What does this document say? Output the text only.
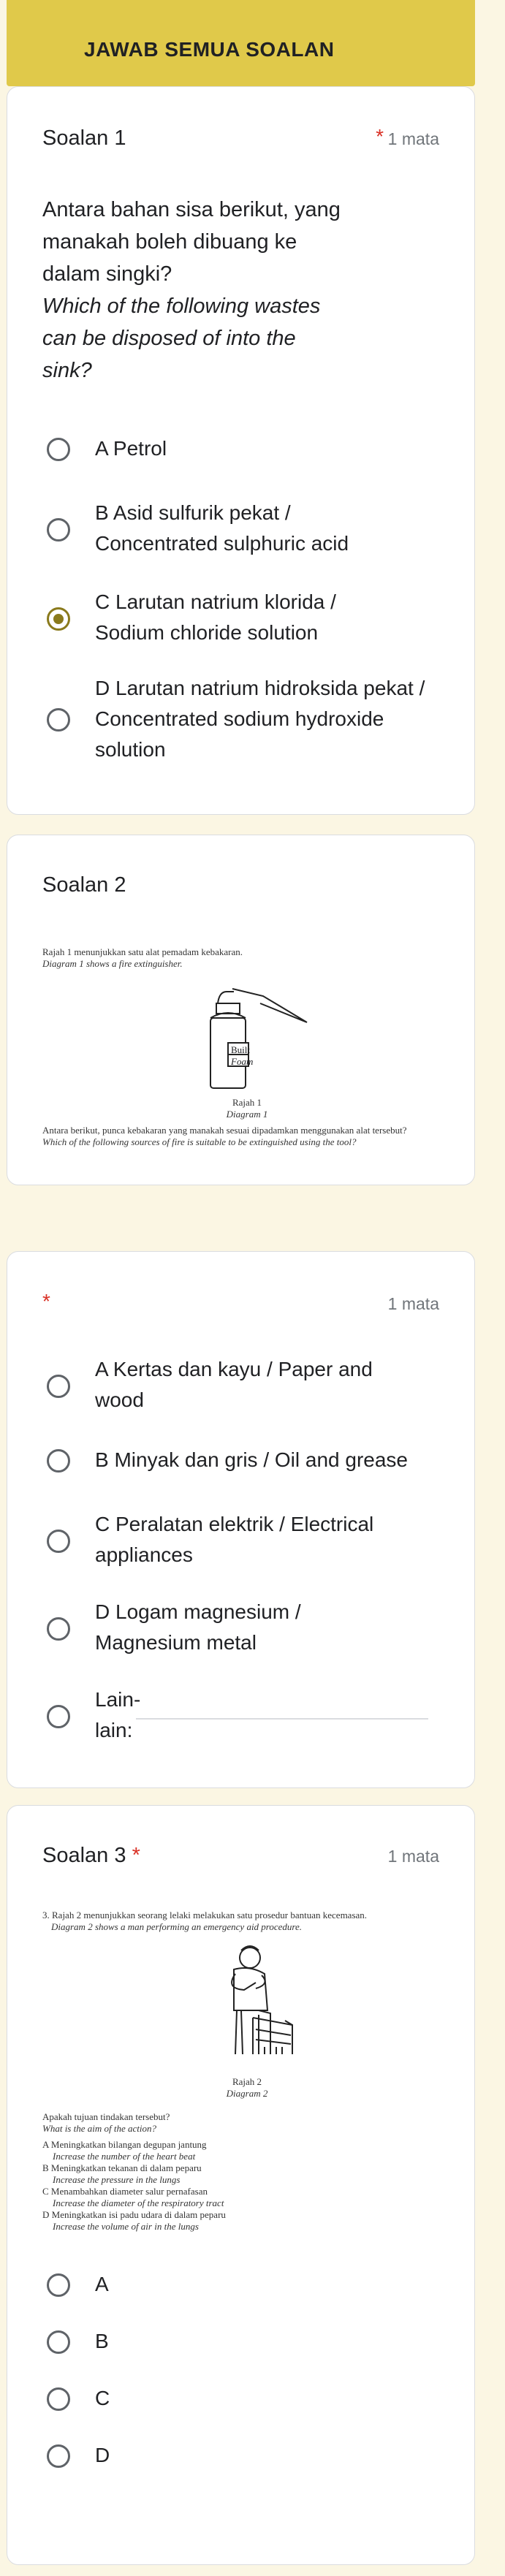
JAWAB SEMUA SOALAN
Soalan 1	* 1 mata
Antara bahan sisa berikut, yang manakah boleh dibuang ke dalam singki?
Which of the following wastes can be disposed of into the sink?
A Petrol
B Asid sulfurik pekat / Concentrated sulphuric acid
C Larutan natrium klorida / Sodium chloride solution
D Larutan natrium hidroksida pekat / Concentrated sodium hydroxide solution
Soalan 2
Rajah 1 menunjukkan satu alat pemadam kebakaran.
Diagram 1 shows a fire extinguisher.
Built
Foam
Rajah 1
Diagram 1
Antara berikut, punca kebakaran yang manakah sesuai dipadamkan menggunakan alat tersebut?
Which of the following sources of fire is suitable to be extinguished using the tool?
*	1 mata
A Kertas dan kayu / Paper and wood
B Minyak dan gris / Oil and grease
C Peralatan elektrik / Electrical appliances
D Logam magnesium / Magnesium metal
Lain-lain:
Soalan 3 *	1 mata
3. Rajah 2 menunjukkan seorang lelaki melakukan satu prosedur bantuan kecemasan.
Diagram 2 shows a man performing an emergency aid procedure.
Rajah 2
Diagram 2
Apakah tujuan tindakan tersebut?
What is the aim of the action?
A Meningkatkan bilangan degupan jantung
Increase the number of the heart beat
B Meningkatkan tekanan di dalam peparu
Increase the pressure in the lungs
C Menambahkan diameter salur pernafasan
Increase the diameter of the respiratory tract
D Meningkatkan isi padu udara di dalam peparu
Increase the volume of air in the lungs
A
B
C
D
